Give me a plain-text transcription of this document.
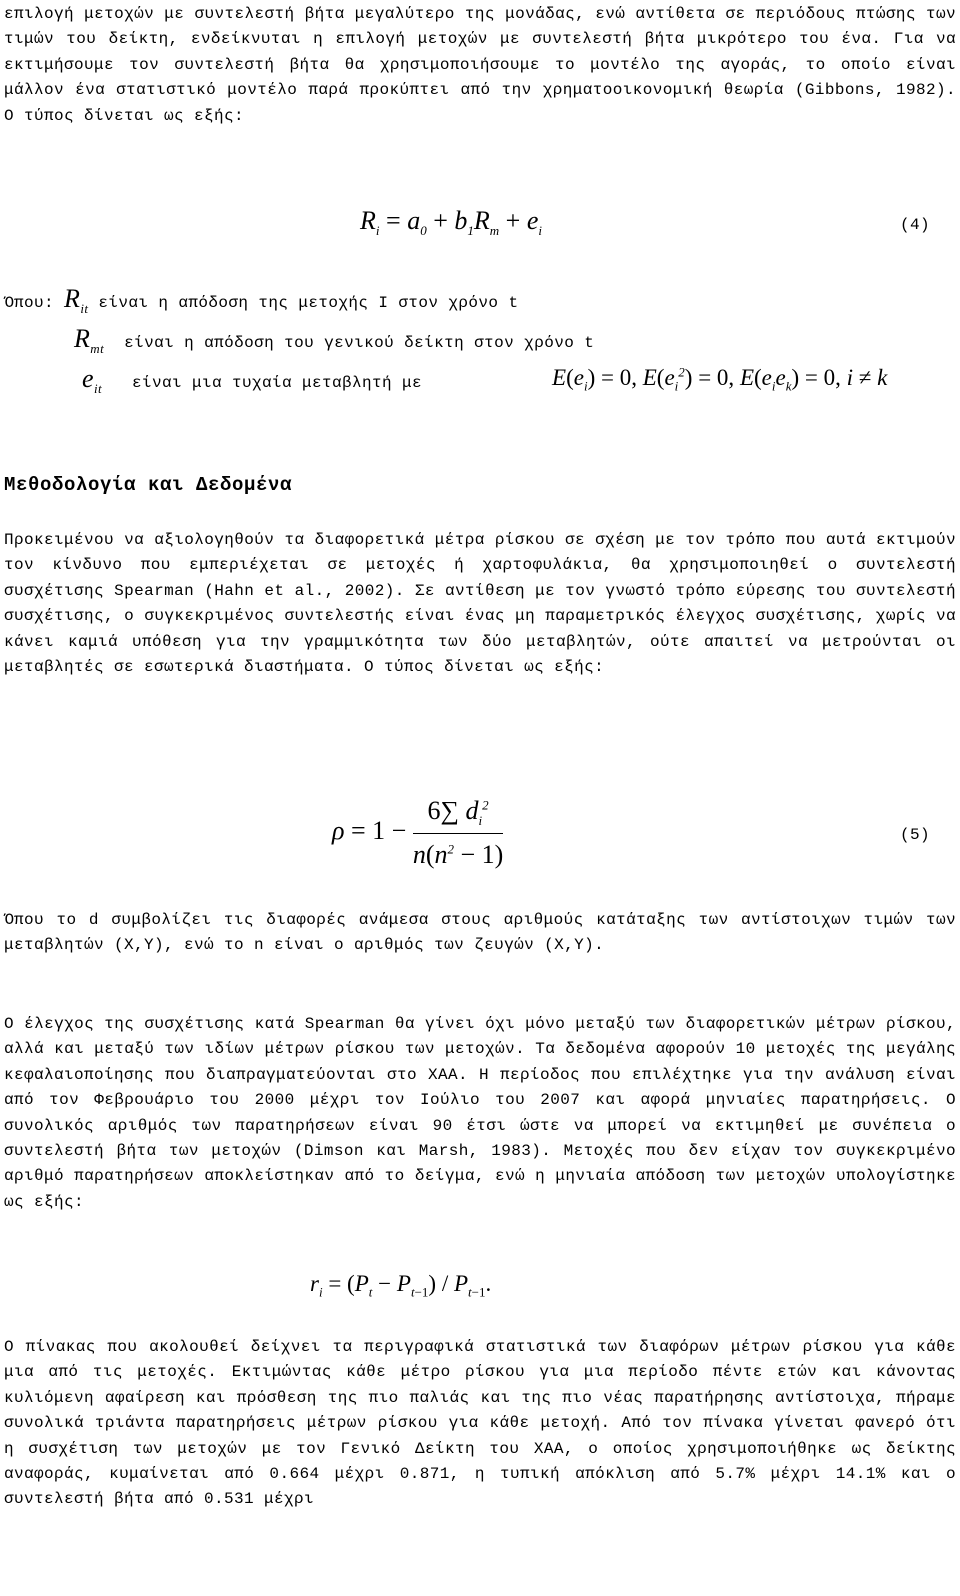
επιλογή μετοχών με συντελεστή βήτα μεγαλύτερο της μονάδας, ενώ αντίθετα σε περιόδους πτώσης των τιμών του δείκτη, ενδείκνυται η επιλογή μετοχών με συντελεστή βήτα μικρότερο του ένα. Για να εκτιμήσουμε τον συντελεστή βήτα θα χρησιμοποιήσουμε το μοντέλο της αγοράς, το οποίο είναι μάλλον ένα στατιστικό μοντέλο παρά προκύπτει από την χρηματοοικονομική θεωρία (Gibbons, 1982). Ο τύπος δίνεται ως εξής:

$R_i = a_0 + b_1R_m + e_i$	(4)
Όπου: $R_{it}$ είναι η απόδοση της μετοχής Ι στον χρόνο t
$R_{mt}$ είναι η απόδοση του γενικού δείκτη στον χρόνο t
$e_{it}$ είναι μια τυχαία μεταβλητή με	$E(e_i) = 0$, $E(e_i^2) = 0$, $E(e_ie_k) = 0$, i ≠ k
Μεθοδολογία και Δεδομένα

Προκειμένου να αξιολογηθούν τα διαφορετικά μέτρα ρίσκου σε σχέση με τον τρόπο που αυτά εκτιμούν τον κίνδυνο που εμπεριέχεται σε μετοχές ή χαρτοφυλάκια, θα χρησιμοποιηθεί ο συντελεστή συσχέτισης Spearman (Hahn et al., 2002). Σε αντίθεση με τον γνωστό τρόπο εύρεσης του συντελεστή συσχέτισης, ο συγκεκριμένος συντελεστής είναι ένας μη παραμετρικός έλεγχος συσχέτισης, χωρίς να κάνει καμιά υπόθεση για την γραμμικότητα των δύο μεταβλητών, ούτε απαιτεί να μετρούνται οι μεταβλητές σε εσωτερικά διαστήματα. Ο τύπος δίνεται ως εξής:

$\rho = 1 - \frac{6\sum d_i^2}{n(n^2 - 1)}$	(5)

Όπου το d συμβολίζει τις διαφορές ανάμεσα στους αριθμούς κατάταξης των αντίστοιχων τιμών των μεταβλητών (X,Y), ενώ το n είναι ο αριθμός των ζευγών (X,Y).

Ο έλεγχος της συσχέτισης κατά Spearman θα γίνει όχι μόνο μεταξύ των διαφορετικών μέτρων ρίσκου, αλλά και μεταξύ των ιδίων μέτρων ρίσκου των μετοχών. Τα δεδομένα αφορούν 10 μετοχές της μεγάλης κεφαλαιοποίησης που διαπραγματεύονται στο ΧΑΑ. Η περίοδος που επιλέχτηκε για την ανάλυση είναι από τον Φεβρουάριο του 2000 μέχρι τον Ιούλιο του 2007 και αφορά μηνιαίες παρατηρήσεις. Ο συνολικός αριθμός των παρατηρήσεων είναι 90 έτσι ώστε να μπορεί να εκτιμηθεί με συνέπεια ο συντελεστή βήτα των μετοχών (Dimson και Marsh, 1983). Μετοχές που δεν είχαν τον συγκεκριμένο αριθμό παρατηρήσεων αποκλείστηκαν από το δείγμα, ενώ η μηνιαία απόδοση των μετοχών υπολογίστηκε ως εξής:

$r_i = (P_t - P_{t-1}) / P_{t-1}$.

Ο πίνακας που ακολουθεί δείχνει τα περιγραφικά στατιστικά των διαφόρων μέτρων ρίσκου για κάθε μια από τις μετοχές. Εκτιμώντας κάθε μέτρο ρίσκου για μια περίοδο πέντε ετών και κάνοντας κυλιόμενη αφαίρεση και πρόσθεση της πιο παλιάς και της πιο νέας παρατήρησης αντίστοιχα, πήραμε συνολικά τριάντα παρατηρήσεις μέτρων ρίσκου για κάθε μετοχή. Από τον πίνακα γίνεται φανερό ότι η συσχέτιση των μετοχών με τον Γενικό Δείκτη του ΧΑΑ, ο οποίος χρησιμοποιήθηκε ως δείκτης αναφοράς, κυμαίνεται από 0.664 μέχρι 0.871, η τυπική απόκλιση από 5.7% μέχρι 14.1% και ο συντελεστή βήτα από 0.531 μέχρι
